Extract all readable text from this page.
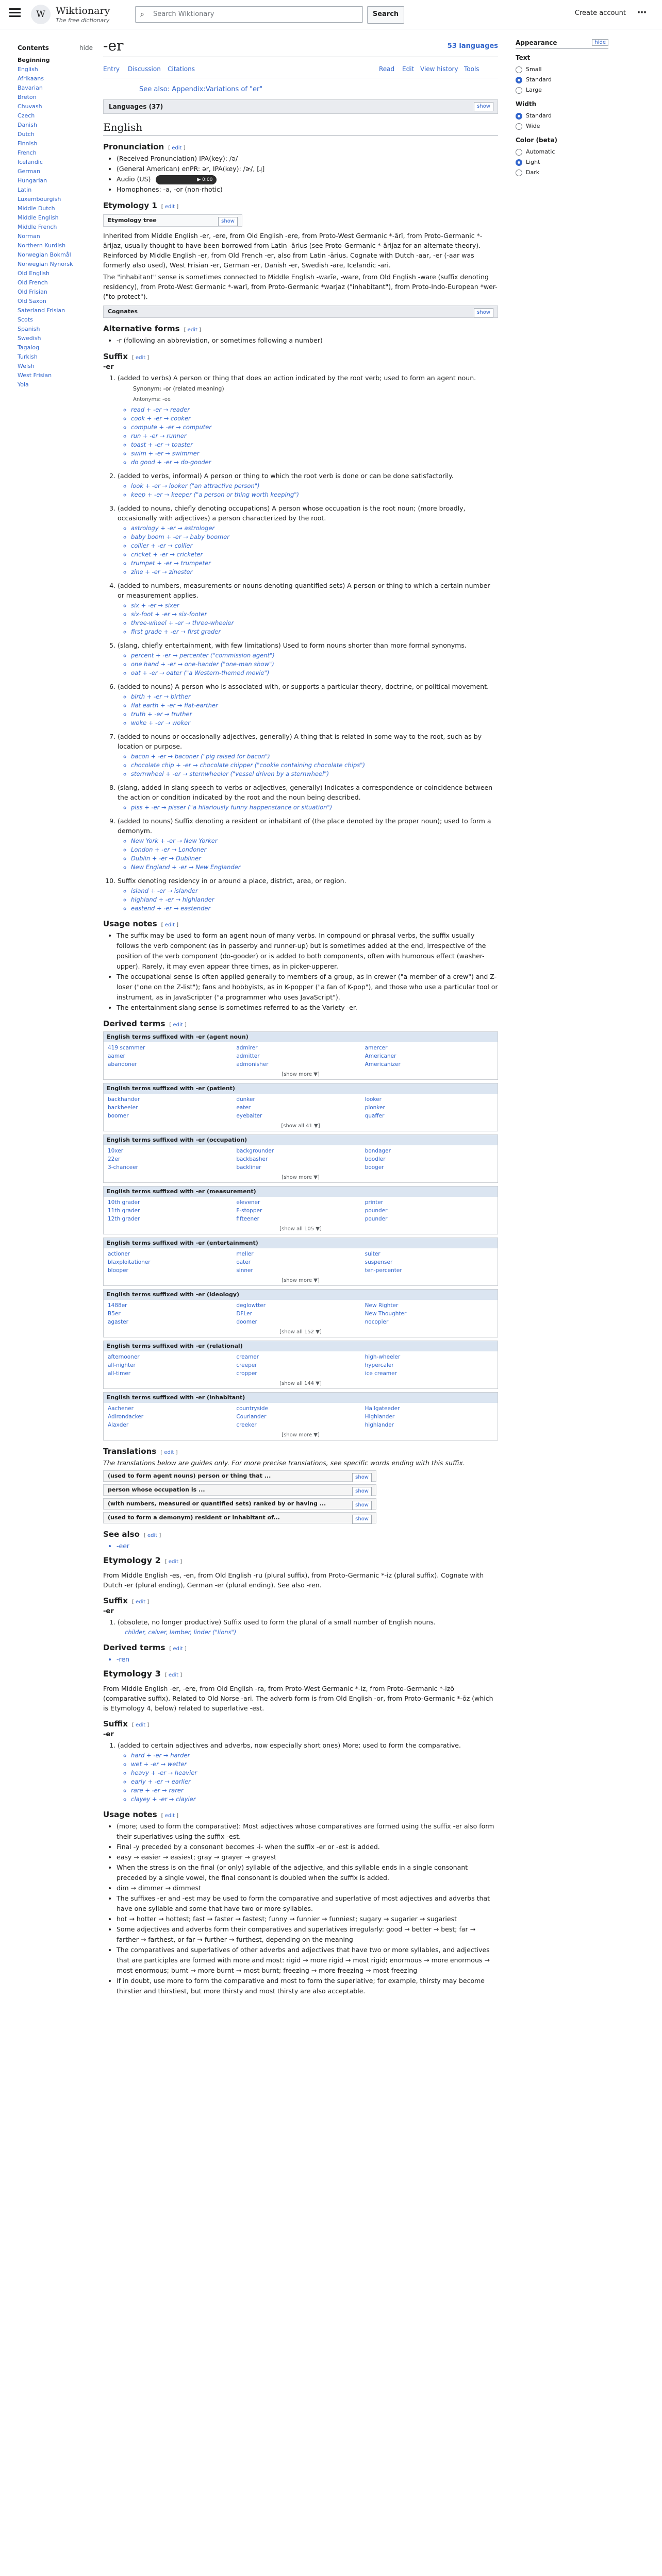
W	Wiktionary
The free dictionary
⌕ Search Wiktionary	Search	Create account ⋯
Contents	hide
Beginning
English
Afrikaans
Bavarian
Breton
Chuvash
Czech
Danish
Dutch
Finnish
French
Icelandic
German
Hungarian
Latin
Luxembourgish
Middle Dutch
Middle English
Middle French
Norman
Northern Kurdish
Norwegian Bokmål
Norwegian Nynorsk
Old English
Old French
Old Frisian
Old Saxon
Saterland Frisian
Scots
Spanish
Swedish
Tagalog
Turkish
Welsh
West Frisian
Yola
-er	53 languages
Entry Discussion Citations	Read Edit View history Tools
See also: Appendix:Variations of "er"
Languages (37)	show
English
Pronunciation [ edit ]
• (Received Pronunciation) IPA(key): /ə/
• (General American) enPR: ər, IPA(key): /ɚ/, [ɹ̩]
• Audio (US)	▶ 0:00
• Homophones: -a, -or (non-rhotic)
Etymology 1 [ edit ]
Etymology tree	show

Inherited from Middle English -er, -ere, from Old English -ere, from Proto-West Germanic *-ārī, from Proto-Germanic *-ārijaz, usually thought to have been borrowed from Latin -ārius (see Proto-Germanic *-ārijaz for an alternate theory). Reinforced by Middle English -er, from Old French -er, also from Latin -ārius. Cognate with Dutch -aar, -er (-aar was formerly also used), West Frisian -er, German -er, Danish -er, Swedish -are, Icelandic -ari.

The "inhabitant" sense is sometimes connected to Middle English -warīe, -ware, from Old English -ware (suffix denoting residency), from Proto-West Germanic *-warī, from Proto-Germanic *warjaz ("inhabitant"), from Proto-Indo-European *wer- ("to protect").

Cognates	show
Alternative forms [ edit ]
• -r (following an abbreviation, or sometimes following a number)
Suffix [ edit ]
-er
1. (added to verbs) A person or thing that does an action indicated by the root verb; used to form an agent noun.
Synonym: -or (related meaning)
Antonyms: -ee
◦ read + -er → reader
◦ cook + -er → cooker
◦ compute + -er → computer
◦ run + -er → runner
◦ toast + -er → toaster
◦ swim + -er → swimmer
◦ do good + -er → do-gooder
2. (added to verbs, informal) A person or thing to which the root verb is done or can be done satisfactorily.
◦ look + -er → looker ("an attractive person")
◦ keep + -er → keeper ("a person or thing worth keeping")
3. (added to nouns, chiefly denoting occupations) A person whose occupation is the root noun; (more broadly, occasionally with adjectives) a person characterized by the root.
◦ astrology + -er → astrologer
◦ baby boom + -er → baby boomer
◦ collier + -er → collier
◦ cricket + -er → cricketer
◦ trumpet + -er → trumpeter
◦ zine + -er → zinester
4. (added to numbers, measurements or nouns denoting quantified sets) A person or thing to which a certain number or measurement applies.
◦ six + -er → sixer
◦ six-foot + -er → six-footer
◦ three-wheel + -er → three-wheeler
◦ first grade + -er → first grader
5. (slang, chiefly entertainment, with few limitations) Used to form nouns shorter than more formal synonyms.
◦ percent + -er → percenter ("commission agent")
◦ one hand + -er → one-hander ("one-man show")
◦ oat + -er → oater ("a Western-themed movie")
6. (added to nouns) A person who is associated with, or supports a particular theory, doctrine, or political movement.
◦ birth + -er → birther
◦ flat earth + -er → flat-earther
◦ truth + -er → truther
◦ woke + -er → woker
7. (added to nouns or occasionally adjectives, generally) A thing that is related in some way to the root, such as by location or purpose.
◦ bacon + -er → baconer ("pig raised for bacon")
◦ chocolate chip + -er → chocolate chipper ("cookie containing chocolate chips")
◦ sternwheel + -er → sternwheeler ("vessel driven by a sternwheel")
8. (slang, added in slang speech to verbs or adjectives, generally) Indicates a correspondence or coincidence between the action or condition indicated by the root and the noun being described.
◦ piss + -er → pisser ("a hilariously funny happenstance or situation")
9. (added to nouns) Suffix denoting a resident or inhabitant of (the place denoted by the proper noun); used to form a demonym.
◦ New York + -er → New Yorker
◦ London + -er → Londoner
◦ Dublin + -er → Dubliner
◦ New England + -er → New Englander
10. Suffix denoting residency in or around a place, district, area, or region.
◦ island + -er → islander
◦ highland + -er → highlander
◦ eastend + -er → eastender
Usage notes [ edit ]
• The suffix may be used to form an agent noun of many verbs. In compound or phrasal verbs, the suffix usually follows the verb component (as in passerby and runner-up) but is sometimes added at the end, irrespective of the position of the verb component (do-gooder) or is added to both components, often with humorous effect (washer-upper). Rarely, it may even appear three times, as in picker-upperer.
• The occupational sense is often applied generally to members of a group, as in crewer ("a member of a crew") and Z-loser ("one on the Z-list"); fans and hobbyists, as in K-popper ("a fan of K-pop"), and those who use a particular tool or instrument, as in JavaScripter ("a programmer who uses JavaScript").
• The entertainment slang sense is sometimes referred to as the Variety -er.
Derived terms [ edit ]
English terms suffixed with -er (agent noun)
419 scammer	admirer	amercer
aamer	admitter	Americaner
abandoner	admonisher	Americanizer
[show more ▼]
English terms suffixed with -er (patient)
backhander	dunker	looker
backheeler	eater	plonker
boomer	eyebaiter	quaffer
[show all 41 ▼]
English terms suffixed with -er (occupation)
10xer	backgrounder	bondager
22er	backbasher	boodler
3-chanceer	backliner	booger
[show more ▼]
English terms suffixed with -er (measurement)
10th grader	elevener	printer
11th grader	F-stopper	pounder
12th grader	fifteener	pounder
[show all 105 ▼]
English terms suffixed with -er (entertainment)
actioner	meller	suiter
blaxploitationer	oater	suspenser
blooper	sinner	ten-percenter
[show more ▼]
English terms suffixed with -er (ideology)
1488er	deglowtter	New Righter
B5er	DFLer	New Thoughter
agaster	doomer	nocopier
[show all 152 ▼]
English terms suffixed with -er (relational)
afternooner	creamer	high-wheeler
all-nighter	creeper	hypercaler
all-timer	cropper	ice creamer
[show all 144 ▼]
English terms suffixed with -er (inhabitant)
Aachener	countryside	Hallgateeder
Adirondacker	Courlander	Highlander
Alaxder	creeker	highlander
[show more ▼]
Translations [ edit ]

The translations below are guides only. For more precise translations, see specific words ending with this suffix.

(used to form agent nouns) person or thing that ...	show
person whose occupation is ...	show
(with numbers, measured or quantified sets) ranked by or having ...	show
(used to form a demonym) resident or inhabitant of...	show
See also [ edit ]
• -eer
Etymology 2 [ edit ]

From Middle English -es, -en, from Old English -ru (plural suffix), from Proto-Germanic *-iz (plural suffix). Cognate with Dutch -er (plural ending), German -er (plural ending). See also -ren.

Suffix [ edit ]
-er
1. (obsolete, no longer productive) Suffix used to form the plural of a small number of English nouns.
childer, calver, lamber, linder ("lions")
Derived terms [ edit ]
• -ren
Etymology 3 [ edit ]

From Middle English -er, -ere, from Old English -ra, from Proto-West Germanic *-iz, from Proto-Germanic *-izō (comparative suffix). Related to Old Norse -ari. The adverb form is from Old English -or, from Proto-Germanic *-ōz (which is Etymology 4, below) related to superlative -est.

Suffix [ edit ]
-er
1. (added to certain adjectives and adverbs, now especially short ones) More; used to form the comparative.
◦ hard + -er → harder
◦ wet + -er → wetter
◦ heavy + -er → heavier
◦ early + -er → earlier
◦ rare + -er → rarer
◦ clayey + -er → clayier
Usage notes [ edit ]
• (more; used to form the comparative): Most adjectives whose comparatives are formed using the suffix -er also form their superlatives using the suffix -est.
• Final -y preceded by a consonant becomes -i- when the suffix -er or -est is added.
• easy → easier → easiest; gray → grayer → grayest
• When the stress is on the final (or only) syllable of the adjective, and this syllable ends in a single consonant preceded by a single vowel, the final consonant is doubled when the suffix is added.
• dim → dimmer → dimmest
• The suffixes -er and -est may be used to form the comparative and superlative of most adjectives and adverbs that have one syllable and some that have two or more syllables.
• hot → hotter → hottest; fast → faster → fastest; funny → funnier → funniest; sugary → sugarier → sugariest
• Some adjectives and adverbs form their comparatives and superlatives irregularly: good → better → best; far → farther → farthest, or far → further → furthest, depending on the meaning
• The comparatives and superlatives of other adverbs and adjectives that have two or more syllables, and adjectives that are participles are formed with more and most: rigid → more rigid → most rigid; enormous → more enormous → most enormous; burnt → more burnt → most burnt; freezing → more freezing → most freezing
• If in doubt, use more to form the comparative and most to form the superlative; for example, thirsty may become thirstier and thirstiest, but more thirsty and most thirsty are also acceptable.
Appearance	hide
Text
Small
Standard
Large
Width
Standard
Wide
Color (beta)
Automatic
Light
Dark
